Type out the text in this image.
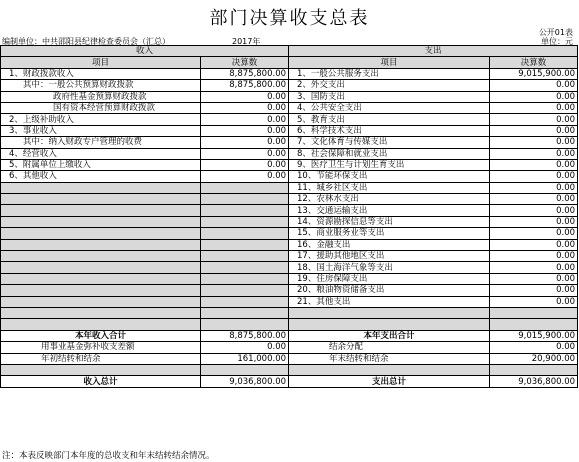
部门决算收支总表
公开01表
编制单位：中共邵阳县纪律检查委员会（汇总）	2017年	单位：元
收入		支出	
项目	决算数	项目	决算数
1、财政拨款收入	8,875,800.00	1、一般公共服务支出	9,015,900.00
其中：一般公共预算财政拨款	8,875,800.00	2、外交支出	0.00
政府性基金预算财政拨款	0.00	3、国防支出	0.00
国有资本经营预算财政拨款	0.00	4、公共安全支出	0.00
2、上级补助收入	0.00	5、教育支出	0.00
3、事业收入	0.00	6、科学技术支出	0.00
其中：纳入财政专户管理的收费	0.00	7、文化体育与传媒支出	0.00
4、经营收入	0.00	8、社会保障和就业支出	0.00
5、附属单位上缴收入	0.00	9、医疗卫生与计划生育支出	0.00
6、其他收入	0.00	10、节能环保支出	0.00
		11、城乡社区支出	0.00
		12、农林水支出	0.00
		13、交通运输支出	0.00
		14、资源勘探信息等支出	0.00
		15、商业服务业等支出	0.00
		16、金融支出	0.00
		17、援助其他地区支出	0.00
		18、国土海洋气象等支出	0.00
		19、住房保障支出	0.00
		20、粮油物资储备支出	0.00
		21、其他支出	0.00

本年收入合计	8,875,800.00	本年支出合计	9,015,900.00
用事业基金弥补收支差额	0.00	结余分配	0.00
年初结转和结余	161,000.00	年末结转和结余	20,900.00

收入总计	9,036,800.00	支出总计	9,036,800.00
注：本表反映部门本年度的总收支和年末结转结余情况。
